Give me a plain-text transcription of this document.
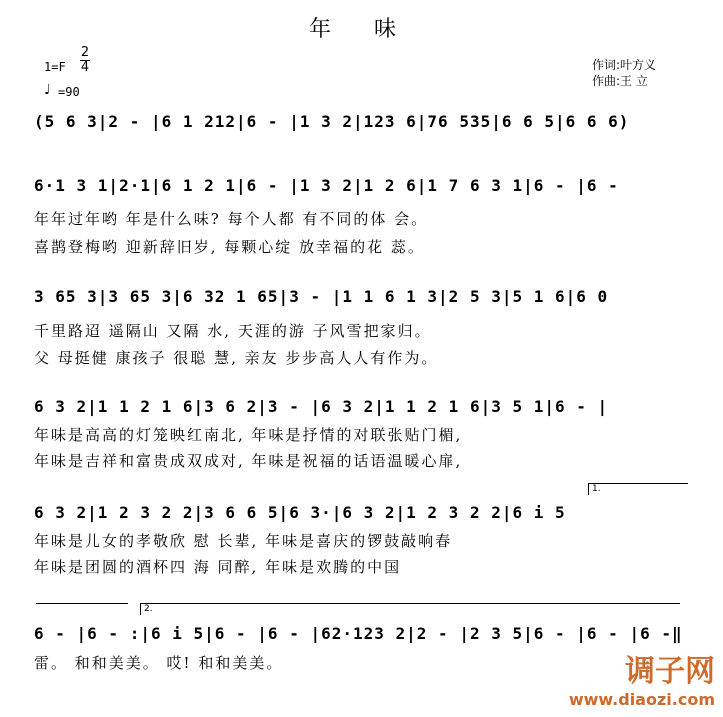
年 味
1=F
2
4
♩ =90
作词:叶方义
作曲:王 立
(5 6 3|2 - |6 1 212|6 - |1 3 2|123 6|76 535|6 6 5|6 6 6)
6·1 3 1|2·1|6 1 2 1|6 - |1 3 2|1 2 6|1 7 6 3 1|6 - |6 -
年年过年哟 年是什么味? 每个人都 有不同的体 会。
喜鹊登梅哟 迎新辞旧岁, 每颗心绽 放幸福的花 蕊。
3 65 3|3 65 3|6 32 1 65|3 - |1 1 6 1 3|2 5 3|5 1 6|6 0
千里路迢 遥隔山 又隔 水, 天涯的游 子风雪把家归。
父 母挺健 康孩子 很聪 慧, 亲友 步步高人人有作为。
6 3 2|1 1 2 1 6|3 6 2|3 - |6 3 2|1 1 2 1 6|3 5 1|6 - |
年味是高高的灯笼映红南北, 年味是抒情的对联张贴门楣,
年味是吉祥和富贵成双成对, 年味是祝福的话语温暖心扉,
1.
6 3 2|1 2 3 2 2|3 6 6 5|6 3·|6 3 2|1 2 3 2 2|6 i 5
年味是儿女的孝敬欣 慰 长辈, 年味是喜庆的锣鼓敲响春
年味是团圆的酒杯四 海 同醉, 年味是欢腾的中国
2.
6 - |6 - :|6 i 5|6 - |6 - |62·123 2|2 - |2 3 5|6 - |6 - |6 -‖
雷。 和和美美。 哎! 和和美美。	调子网
www.diaozi.com
